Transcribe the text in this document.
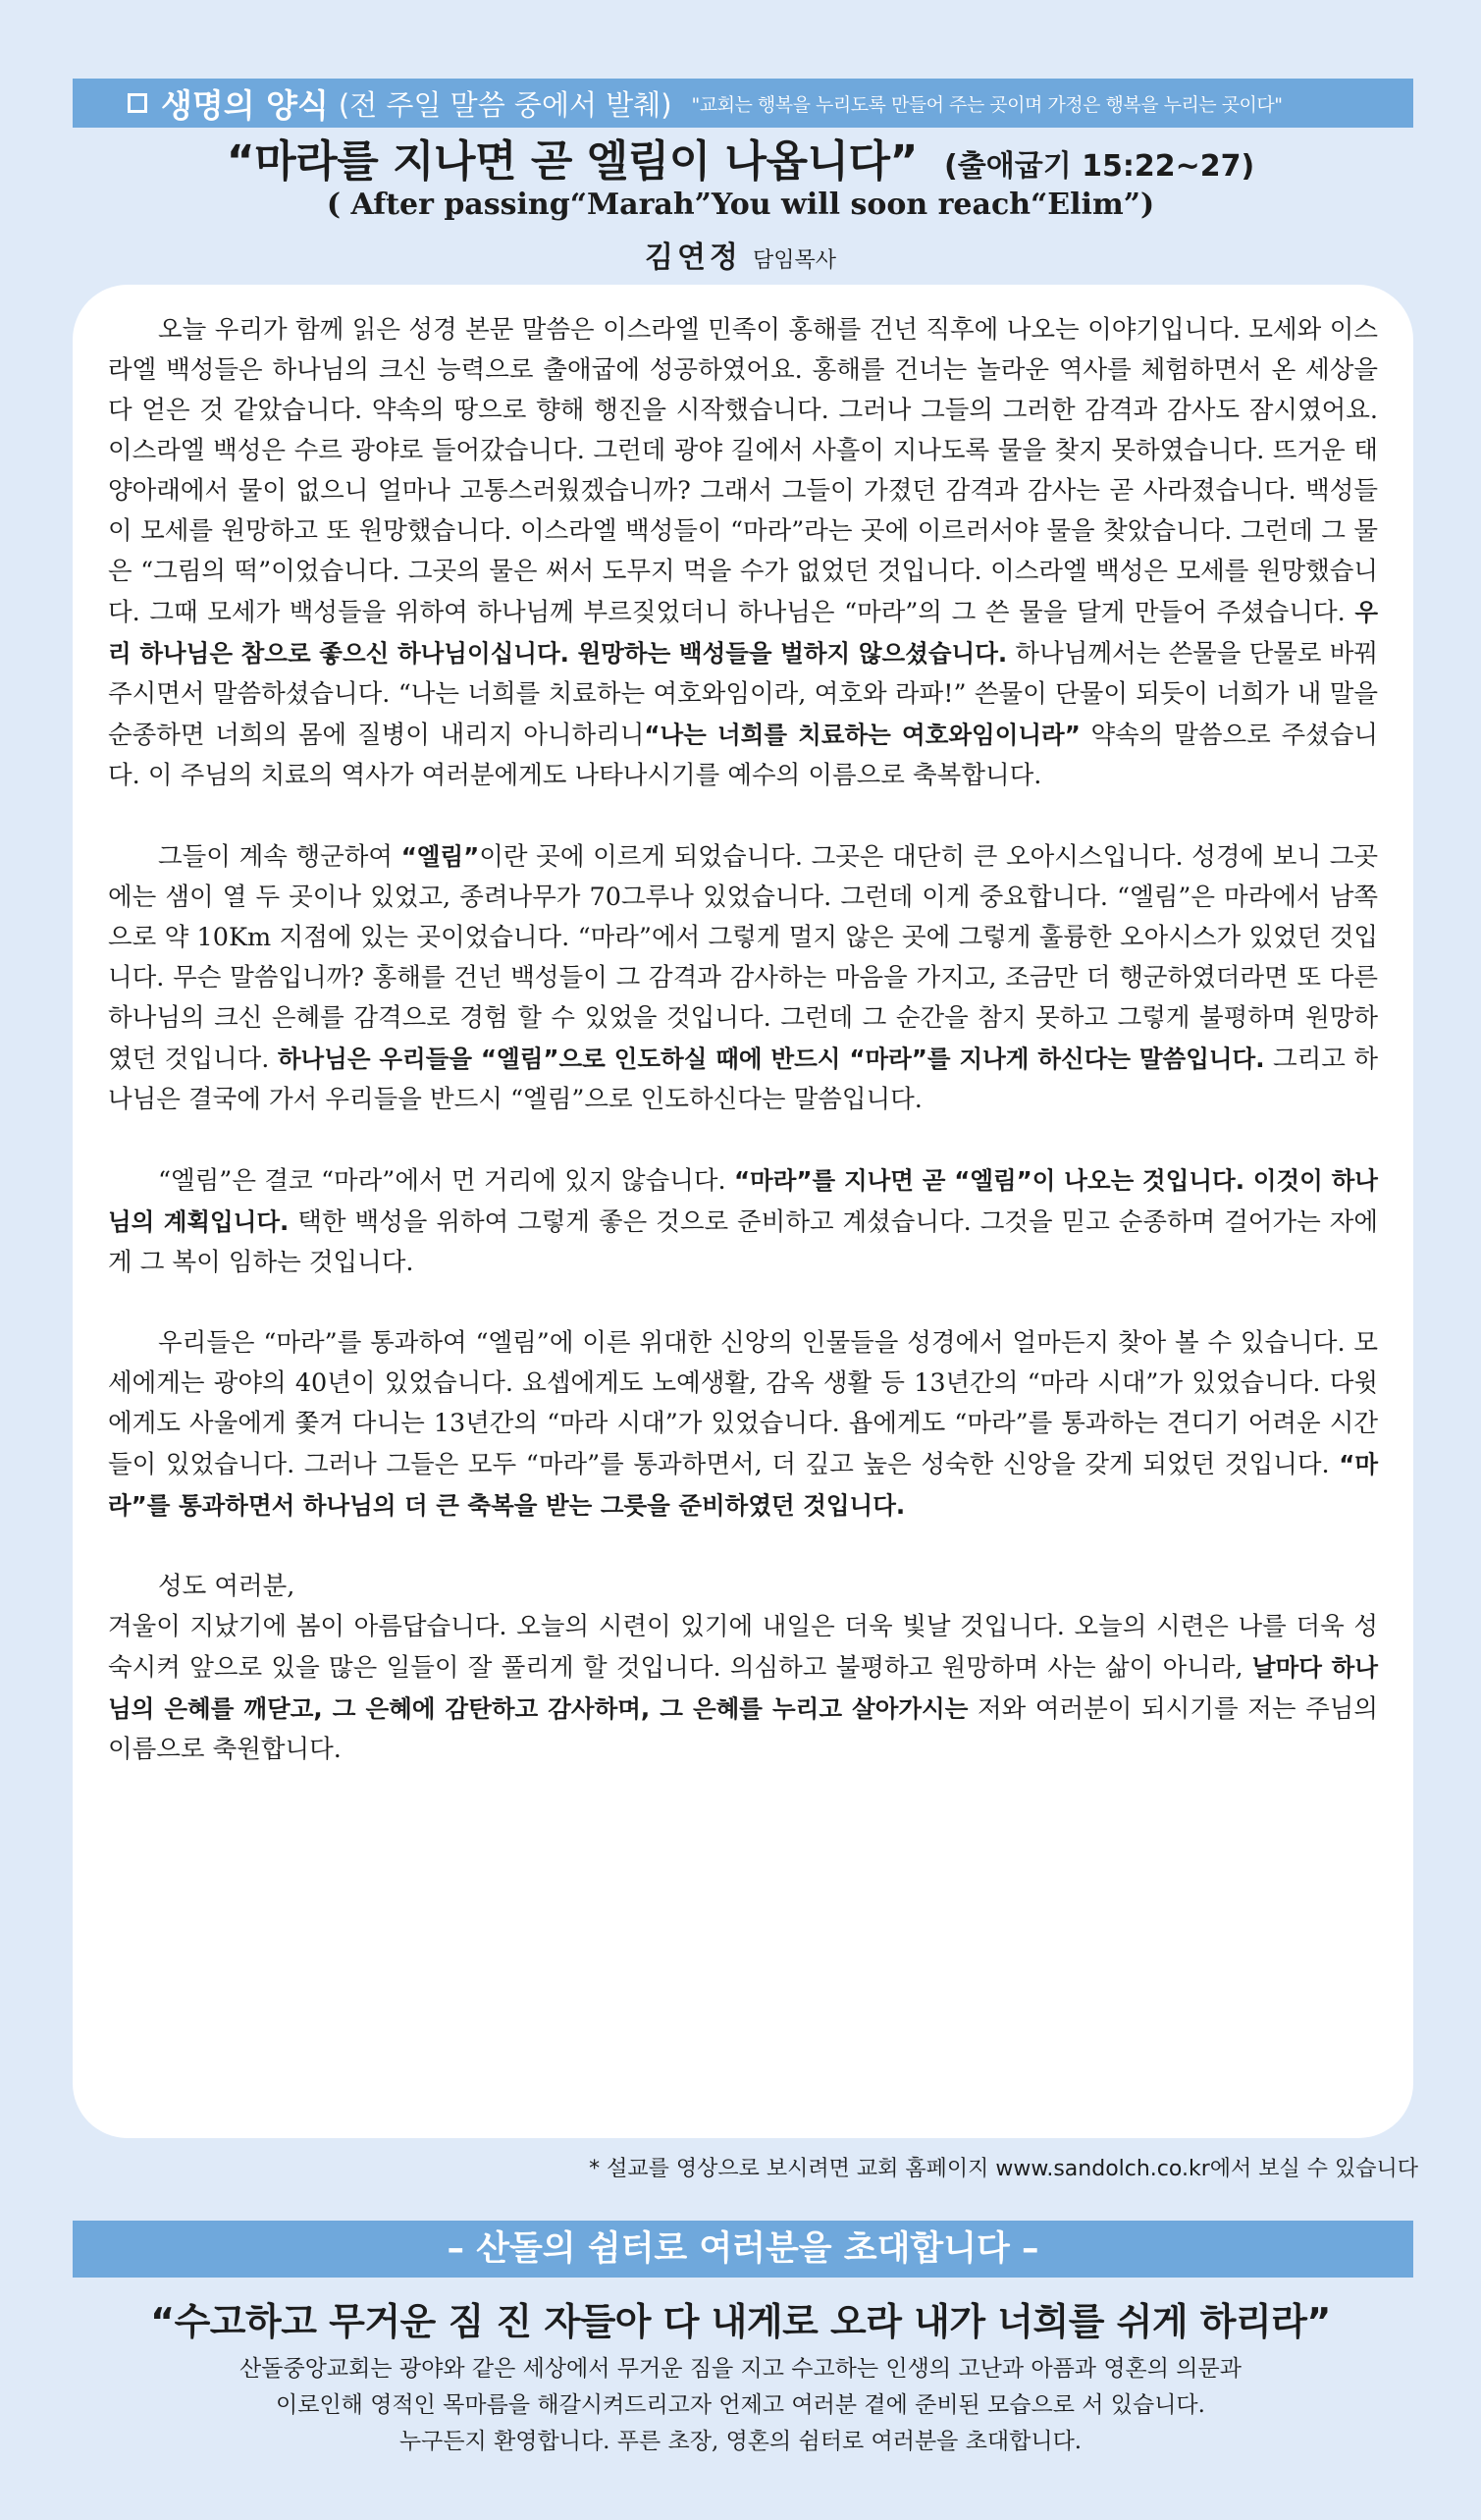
생명의 양식 (전 주일 말씀 중에서 발췌) "교회는 행복을 누리도록 만들어 주는 곳이며 가정은 행복을 누리는 곳이다"
“마라를 지나면 곧 엘림이 나옵니다” (출애굽기 15:22~27)
( After passing“Marah”You will soon reach“Elim”)
김연정 담임목사

오늘 우리가 함께 읽은 성경 본문 말씀은 이스라엘 민족이 홍해를 건넌 직후에 나오는 이야기입니다. 모세와 이스라엘 백성들은 하나님의 크신 능력으로 출애굽에 성공하였어요. 홍해를 건너는 놀라운 역사를 체험하면서 온 세상을 다 얻은 것 같았습니다. 약속의 땅으로 향해 행진을 시작했습니다. 그러나 그들의 그러한 감격과 감사도 잠시였어요. 이스라엘 백성은 수르 광야로 들어갔습니다. 그런데 광야 길에서 사흘이 지나도록 물을 찾지 못하였습니다. 뜨거운 태양아래에서 물이 없으니 얼마나 고통스러웠겠습니까? 그래서 그들이 가졌던 감격과 감사는 곧 사라졌습니다. 백성들이 모세를 원망하고 또 원망했습니다. 이스라엘 백성들이 “마라”라는 곳에 이르러서야 물을 찾았습니다. 그런데 그 물은 “그림의 떡”이었습니다. 그곳의 물은 써서 도무지 먹을 수가 없었던 것입니다. 이스라엘 백성은 모세를 원망했습니다. 그때 모세가 백성들을 위하여 하나님께 부르짖었더니 하나님은 “마라”의 그 쓴 물을 달게 만들어 주셨습니다. 우리 하나님은 참으로 좋으신 하나님이십니다. 원망하는 백성들을 벌하지 않으셨습니다. 하나님께서는 쓴물을 단물로 바꿔주시면서 말씀하셨습니다. “나는 너희를 치료하는 여호와임이라, 여호와 라파!” 쓴물이 단물이 되듯이 너희가 내 말을 순종하면 너희의 몸에 질병이 내리지 아니하리니“나는 너희를 치료하는 여호와임이니라” 약속의 말씀으로 주셨습니다. 이 주님의 치료의 역사가 여러분에게도 나타나시기를 예수의 이름으로 축복합니다.

그들이 계속 행군하여 “엘림”이란 곳에 이르게 되었습니다. 그곳은 대단히 큰 오아시스입니다. 성경에 보니 그곳에는 샘이 열 두 곳이나 있었고, 종려나무가 70그루나 있었습니다. 그런데 이게 중요합니다. “엘림”은 마라에서 남쪽으로 약 10Km 지점에 있는 곳이었습니다. “마라”에서 그렇게 멀지 않은 곳에 그렇게 훌륭한 오아시스가 있었던 것입니다. 무슨 말씀입니까? 홍해를 건넌 백성들이 그 감격과 감사하는 마음을 가지고, 조금만 더 행군하였더라면 또 다른 하나님의 크신 은혜를 감격으로 경험 할 수 있었을 것입니다. 그런데 그 순간을 참지 못하고 그렇게 불평하며 원망하였던 것입니다. 하나님은 우리들을 “엘림”으로 인도하실 때에 반드시 “마라”를 지나게 하신다는 말씀입니다. 그리고 하나님은 결국에 가서 우리들을 반드시 “엘림”으로 인도하신다는 말씀입니다.

“엘림”은 결코 “마라”에서 먼 거리에 있지 않습니다. “마라”를 지나면 곧 “엘림”이 나오는 것입니다. 이것이 하나님의 계획입니다. 택한 백성을 위하여 그렇게 좋은 것으로 준비하고 계셨습니다. 그것을 믿고 순종하며 걸어가는 자에게 그 복이 임하는 것입니다.

우리들은 “마라”를 통과하여 “엘림”에 이른 위대한 신앙의 인물들을 성경에서 얼마든지 찾아 볼 수 있습니다. 모세에게는 광야의 40년이 있었습니다. 요셉에게도 노예생활, 감옥 생활 등 13년간의 “마라 시대”가 있었습니다. 다윗에게도 사울에게 쫓겨 다니는 13년간의 “마라 시대”가 있었습니다. 욥에게도 “마라”를 통과하는 견디기 어려운 시간들이 있었습니다. 그러나 그들은 모두 “마라”를 통과하면서, 더 깊고 높은 성숙한 신앙을 갖게 되었던 것입니다. “마라”를 통과하면서 하나님의 더 큰 축복을 받는 그릇을 준비하였던 것입니다.

성도 여러분,
겨울이 지났기에 봄이 아름답습니다. 오늘의 시련이 있기에 내일은 더욱 빛날 것입니다. 오늘의 시련은 나를 더욱 성숙시켜 앞으로 있을 많은 일들이 잘 풀리게 할 것입니다. 의심하고 불평하고 원망하며 사는 삶이 아니라, 날마다 하나님의 은혜를 깨닫고, 그 은혜에 감탄하고 감사하며, 그 은혜를 누리고 살아가시는 저와 여러분이 되시기를 저는 주님의 이름으로 축원합니다.

* 설교를 영상으로 보시려면 교회 홈페이지 www.sandolch.co.kr에서 보실 수 있습니다
– 산돌의 쉼터로 여러분을 초대합니다 –
“수고하고 무거운 짐 진 자들아 다 내게로 오라 내가 너희를 쉬게 하리라”
산돌중앙교회는 광야와 같은 세상에서 무거운 짐을 지고 수고하는 인생의 고난과 아픔과 영혼의 의문과
이로인해 영적인 목마름을 해갈시켜드리고자 언제고 여러분 곁에 준비된 모습으로 서 있습니다.
누구든지 환영합니다. 푸른 초장, 영혼의 쉼터로 여러분을 초대합니다.
